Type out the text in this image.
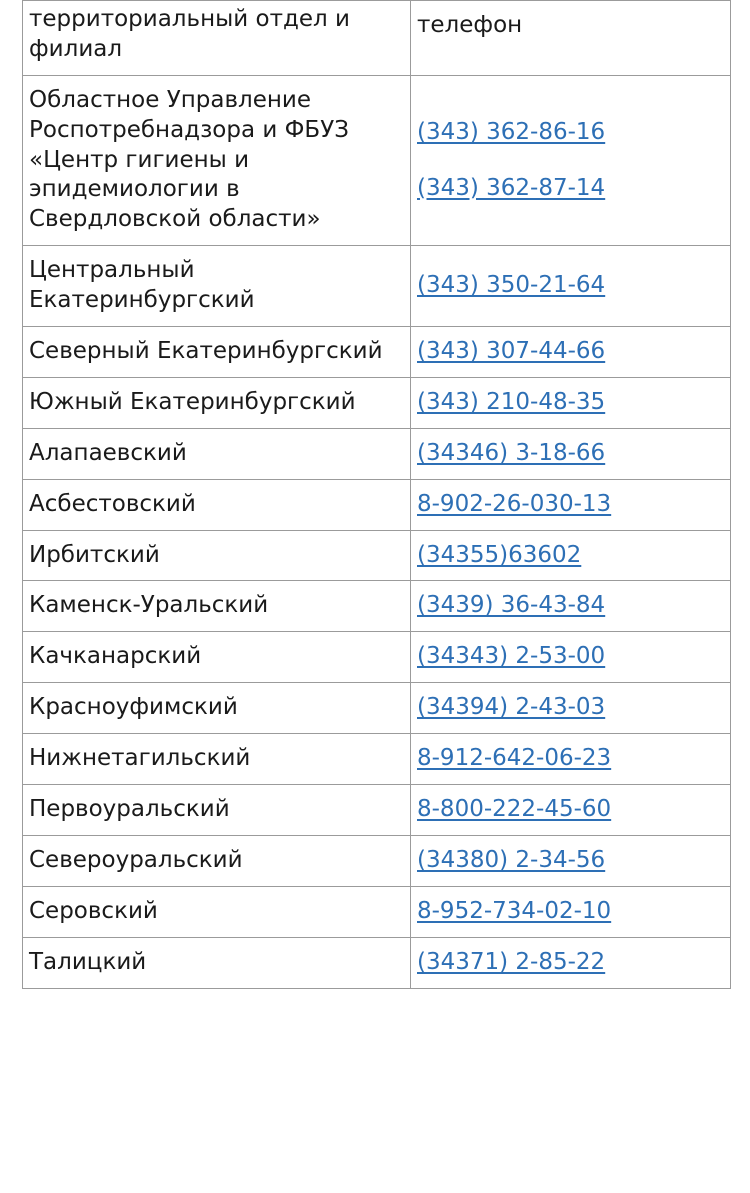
территориальный отдел и филиал	телефон
Областное Управление Роспотребнадзора и ФБУЗ «Центр гигиены и эпидемиологии в Свердловской области»	(343) 362-86-16
(343) 362-87-14

Центральный Екатеринбургский	(343) 350-21-64

Северный Екатеринбургский	(343) 307-44-66

Южный Екатеринбургский	(343) 210-48-35

Алапаевский	(34346) 3-18-66

Асбестовский	8-902-26-030-13

Ирбитский	(34355)63602

Каменск-Уральский	(3439) 36-43-84

Качканарский	(34343) 2-53-00

Красноуфимский	(34394) 2-43-03

Нижнетагильский	8-912-642-06-23

Первоуральский	8-800-222-45-60

Североуральский	(34380) 2-34-56

Серовский	8-952-734-02-10

Талицкий	(34371) 2-85-22
